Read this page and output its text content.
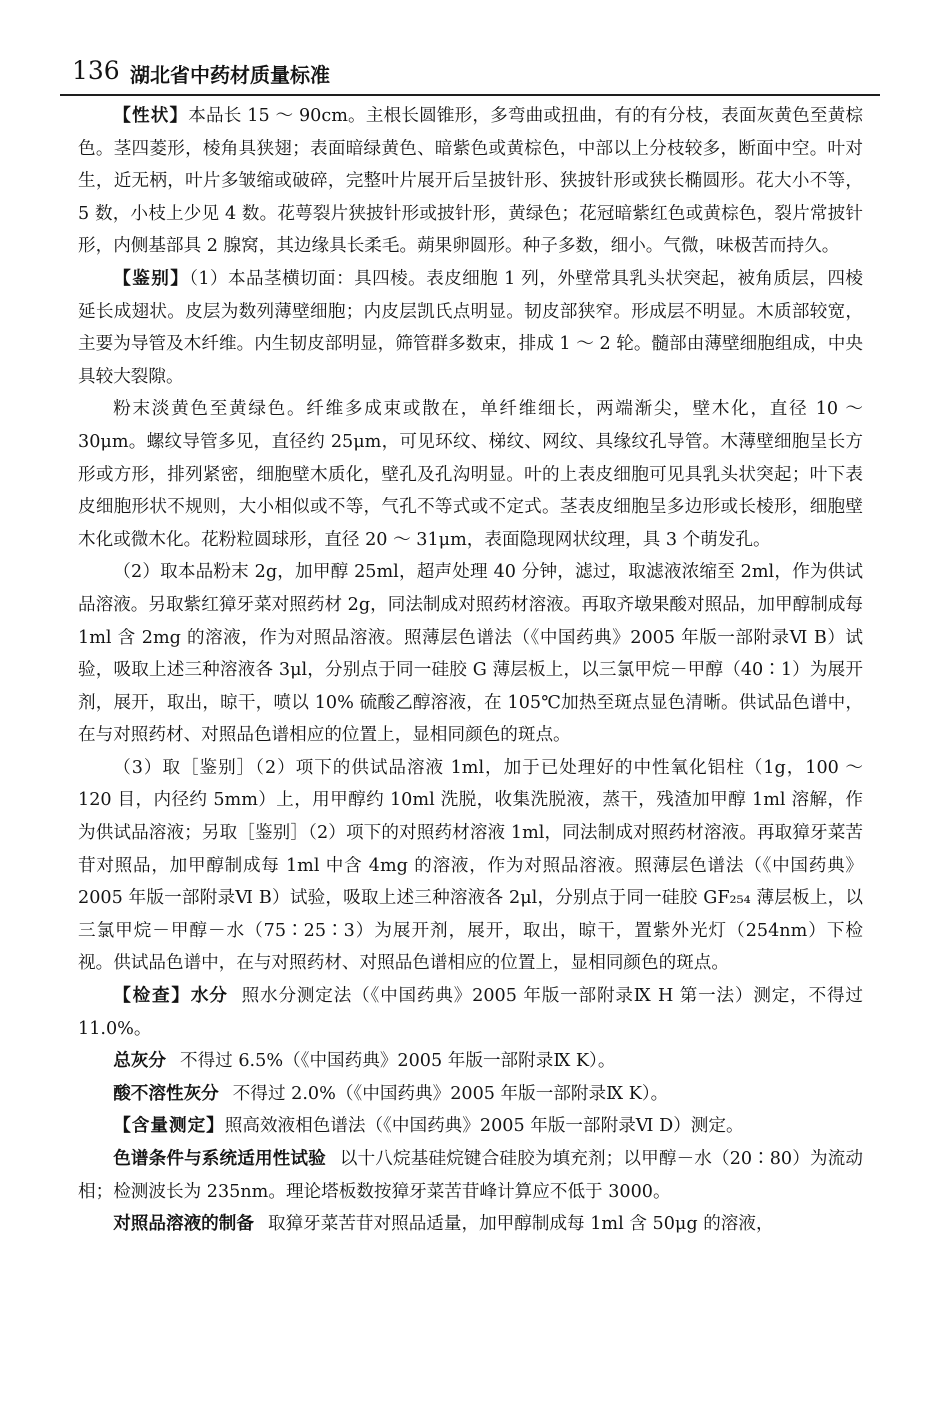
136 湖北省中药材质量标准

【性状】本品长 15 ～ 90cm。主根长圆锥形，多弯曲或扭曲，有的有分枝，表面灰黄色至黄棕色。茎四菱形，棱角具狭翅；表面暗绿黄色、暗紫色或黄棕色，中部以上分枝较多，断面中空。叶对生，近无柄，叶片多皱缩或破碎，完整叶片展开后呈披针形、狭披针形或狭长椭圆形。花大小不等，5 数，小枝上少见 4 数。花萼裂片狭披针形或披针形，黄绿色；花冠暗紫红色或黄棕色，裂片常披针形，内侧基部具 2 腺窝，其边缘具长柔毛。蒴果卵圆形。种子多数，细小。气微，味极苦而持久。

【鉴别】（1）本品茎横切面：具四棱。表皮细胞 1 列，外壁常具乳头状突起，被角质层，四棱延长成翅状。皮层为数列薄壁细胞；内皮层凯氏点明显。韧皮部狭窄。形成层不明显。木质部较宽，主要为导管及木纤维。内生韧皮部明显，筛管群多数束，排成 1 ～ 2 轮。髓部由薄壁细胞组成，中央具较大裂隙。

粉末淡黄色至黄绿色。纤维多成束或散在，单纤维细长，两端渐尖，壁木化，直径 10 ～ 30μm。螺纹导管多见，直径约 25μm，可见环纹、梯纹、网纹、具缘纹孔导管。木薄壁细胞呈长方形或方形，排列紧密，细胞壁木质化，壁孔及孔沟明显。叶的上表皮细胞可见具乳头状突起；叶下表皮细胞形状不规则，大小相似或不等，气孔不等式或不定式。茎表皮细胞呈多边形或长棱形，细胞壁木化或微木化。花粉粒圆球形，直径 20 ～ 31μm，表面隐现网状纹理，具 3 个萌发孔。

（2）取本品粉末 2g，加甲醇 25ml，超声处理 40 分钟，滤过，取滤液浓缩至 2ml，作为供试品溶液。另取紫红獐牙菜对照药材 2g，同法制成对照药材溶液。再取齐墩果酸对照品，加甲醇制成每 1ml 含 2mg 的溶液，作为对照品溶液。照薄层色谱法（《中国药典》2005 年版一部附录Ⅵ B）试验，吸取上述三种溶液各 3μl，分别点于同一硅胶 G 薄层板上，以三氯甲烷－甲醇（40∶1）为展开剂，展开，取出，晾干，喷以 10% 硫酸乙醇溶液，在 105℃加热至斑点显色清晰。供试品色谱中，在与对照药材、对照品色谱相应的位置上，显相同颜色的斑点。

（3）取［鉴别］（2）项下的供试品溶液 1ml，加于已处理好的中性氧化铝柱（1g，100 ～ 120 目，内径约 5mm）上，用甲醇约 10ml 洗脱，收集洗脱液，蒸干，残渣加甲醇 1ml 溶解，作为供试品溶液；另取［鉴别］（2）项下的对照药材溶液 1ml，同法制成对照药材溶液。再取獐牙菜苦苷对照品，加甲醇制成每 1ml 中含 4mg 的溶液，作为对照品溶液。照薄层色谱法（《中国药典》2005 年版一部附录Ⅵ B）试验，吸取上述三种溶液各 2μl，分别点于同一硅胶 GF₂₅₄ 薄层板上，以三氯甲烷－甲醇－水（75∶25∶3）为展开剂，展开，取出，晾干，置紫外光灯（254nm）下检视。供试品色谱中，在与对照药材、对照品色谱相应的位置上，显相同颜色的斑点。

【检查】水分 照水分测定法（《中国药典》2005 年版一部附录Ⅸ H 第一法）测定，不得过 11.0%。

总灰分 不得过 6.5%（《中国药典》2005 年版一部附录Ⅸ K）。

酸不溶性灰分 不得过 2.0%（《中国药典》2005 年版一部附录Ⅸ K）。

【含量测定】照高效液相色谱法（《中国药典》2005 年版一部附录Ⅵ D）测定。

色谱条件与系统适用性试验 以十八烷基硅烷键合硅胶为填充剂；以甲醇－水（20∶80）为流动相；检测波长为 235nm。理论塔板数按獐牙菜苦苷峰计算应不低于 3000。

对照品溶液的制备 取獐牙菜苦苷对照品适量，加甲醇制成每 1ml 含 50μg 的溶液，
